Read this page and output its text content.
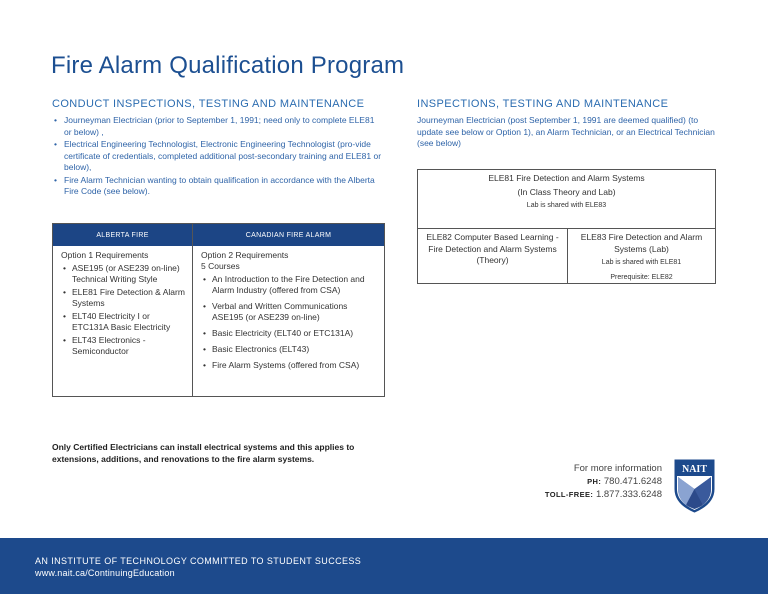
Fire Alarm Qualification Program
CONDUCT INSPECTIONS, TESTING AND MAINTENANCE
• Journeyman Electrician (prior to September 1, 1991; need only to complete ELE81 or below) ,
• Electrical Engineering Technologist, Electronic Engineering Technologist (pro-vide certificate of credentials, completed additional post-secondary training and ELE81 or below),
• Fire Alarm Technician wanting to obtain qualification in accordance with the Alberta Fire Code (see below).
ALBERTA FIRE	CANADIAN FIRE ALARM
Option 1 Requirements
• ASE195 (or ASE239 on-line) Technical Writing Style
• ELE81 Fire Detection & Alarm Systems
• ELT40 Electricity I or ETC131A Basic Electricity
• ELT43 Electronics - Semiconductor
Option 2 Requirements
5 Courses
• An Introduction to the Fire Detection and Alarm Industry (offered from CSA)
• Verbal and Written Communications ASE195 (or ASE239 on-line)
• Basic Electricity (ELT40 or ETC131A)
• Basic Electronics (ELT43)
• Fire Alarm Systems (offered from CSA)
INSPECTIONS, TESTING AND MAINTENANCE
Journeyman Electrician (post September 1, 1991 are deemed qualified) (to update see below or Option 1), an Alarm Technician, or an Electrical Technician (see below)
ELE81 Fire Detection and Alarm Systems
(In Class Theory and Lab)
Lab is shared with ELE83
ELE82 Computer Based Learning - Fire Detection and Alarm Systems (Theory)
ELE83 Fire Detection and Alarm Systems (Lab)
Lab is shared with ELE81
Prerequisite: ELE82
Only Certified Electricians can install electrical systems and this applies to extensions, additions, and renovations to the fire alarm systems.
For more information
PH: 780.471.6248
TOLL-FREE: 1.877.333.6248
NAIT
AN INSTITUTE OF TECHNOLOGY COMMITTED TO STUDENT SUCCESS
www.nait.ca/ContinuingEducation
